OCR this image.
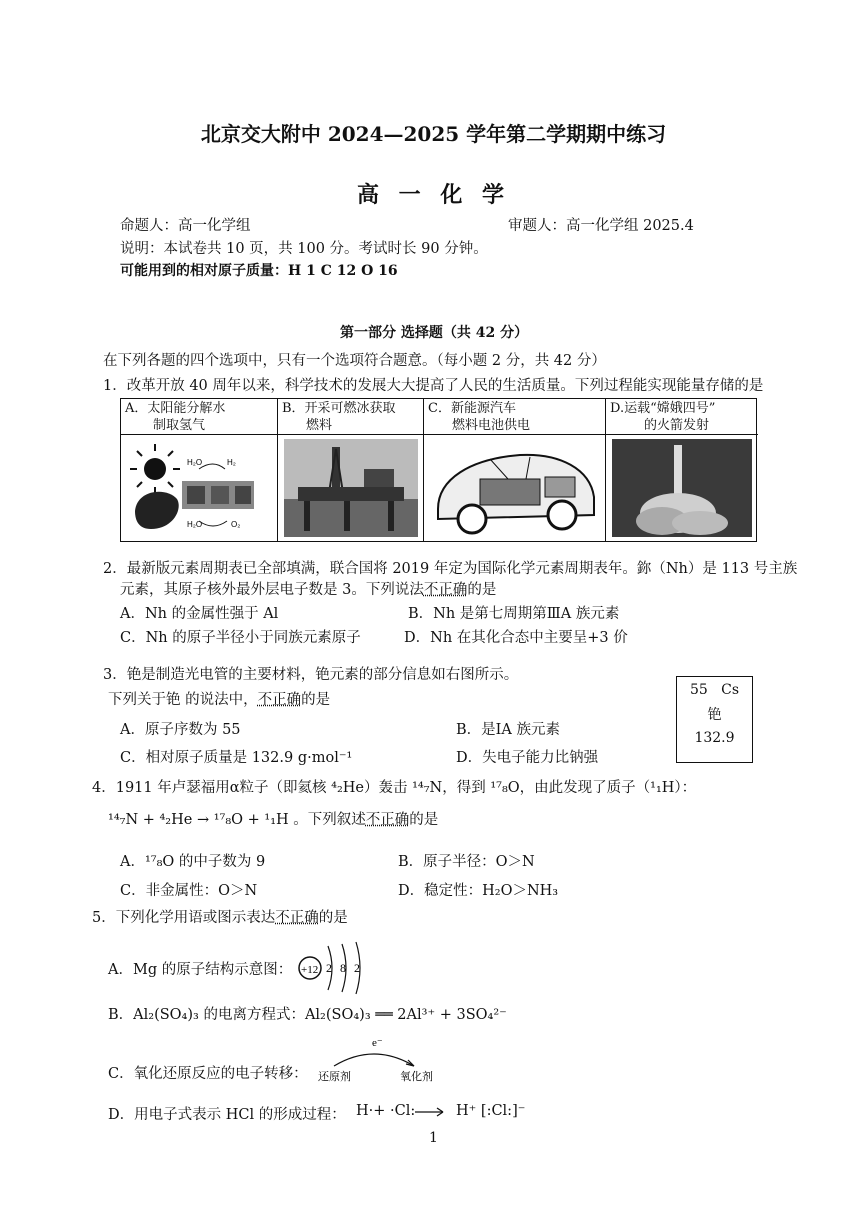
北京交大附中 2024—2025 学年第二学期期中练习
高 一 化 学
命题人：高一化学组	审题人：高一化学组 2025.4
说明：本试卷共 10 页，共 100 分。考试时长 90 分钟。
可能用到的相对原子质量：H 1 C 12 O 16
第一部分 选择题（共 42 分）
在下列各题的四个选项中，只有一个选项符合题意。（每小题 2 分，共 42 分）
1．改革开放 40 周年以来，科学技术的发展大大提高了人民的生活质量。下列过程能实现能量存储的是
A．太阳能分解水
制取氢气
H₂O	H₂
H₂O	O₂
B．开采可燃冰获取
燃料
C．新能源汽车
燃料电池供电
D.运载“嫦娥四号”
的火箭发射
2．最新版元素周期表已全部填满，联合国将 2019 年定为国际化学元素周期表年。鉨（Nh）是 113 号主族
元素，其原子核外最外层电子数是 3。下列说法不正确的是
A．Nh 的金属性强于 Al	B．Nh 是第七周期第ⅢA 族元素
C．Nh 的原子半径小于同族元素原子	D．Nh 在其化合态中主要呈+3 价
3．铯是制造光电管的主要材料，铯元素的部分信息如右图所示。
下列关于铯 的说法中，不正确的是
A．原子序数为 55	B．是ⅠA 族元素
C．相对原子质量是 132.9 g·mol⁻¹	D．失电子能力比钠强
55 Cs
铯
132.9
4．1911 年卢瑟福用α粒子（即氦核 ⁴₂He）轰击 ¹⁴₇N，得到 ¹⁷₈O，由此发现了质子（¹₁H）：
¹⁴₇N + ⁴₂He → ¹⁷₈O + ¹₁H 。下列叙述不正确的是
A．¹⁷₈O 的中子数为 9	B．原子半径：O＞N
C．非金属性：O＞N	D．稳定性：H₂O＞NH₃
5．下列化学用语或图示表达不正确的是
A．Mg 的原子结构示意图： +12 2 8 2
B．Al₂(SO₄)₃ 的电离方程式：Al₂(SO₄)₃ ══ 2Al³⁺ + 3SO₄²⁻
C．氧化还原反应的电子转移：
e⁻
还原剂	氧化剂
D．用电子式表示 HCl 的形成过程： H·+ ·Cl: → H⁺ [:Cl:]⁻
1
